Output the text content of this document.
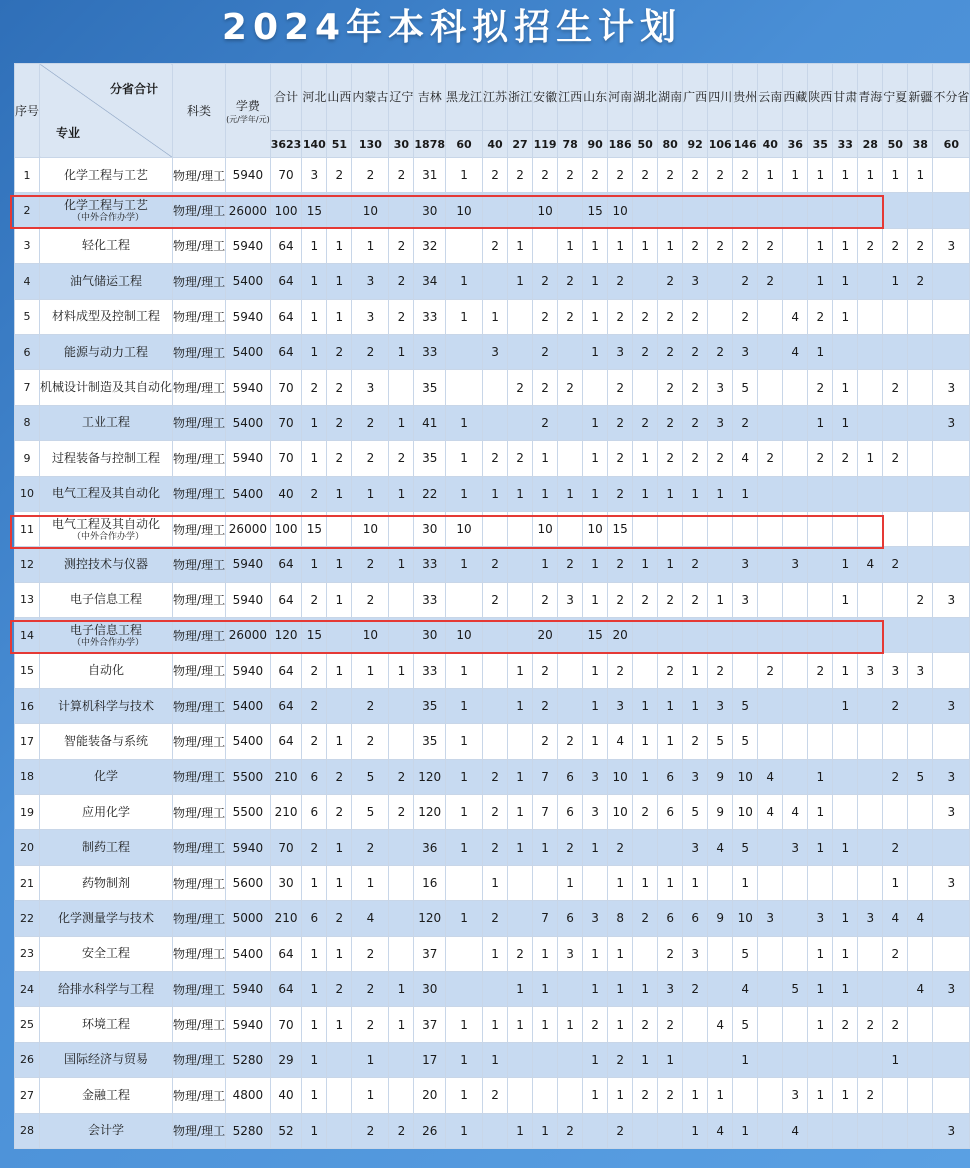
2024年本科拟招生计划
序号	分省合计
专业	科类	学费
(元/学年/元)	合计	河北	山西	内蒙古	辽宁	吉林	黑龙江	江苏	浙江	安徽	江西	山东	河南	湖北	湖南	广西	四川	贵州	云南	西藏	陕西	甘肃	青海	宁夏	新疆	不分省
				3623	140	51	130	30	1878	60	40	27	119	78	90	186	50	80	92	106	146	40	36	35	33	28	50	38	60
1	化学工程与工艺	物理/理工	5940	70	3	2	2	2	31	1	2	2	2	2	2	2	2	2	2	2	2	1	1	1	1	1	1	1	
2	化学工程与工艺
（中外合作办学）	物理/理工	26000	100	15		10		30	10			10		15	10													
3	轻化工程	物理/理工	5940	64	1	1	1	2	32		2	1		1	1	1	1	1	2	2	2	2		1	1	2	2	2	3
4	油气储运工程	物理/理工	5400	64	1	1	3	2	34	1		1	2	2	1	2		2	3		2	2		1	1		1	2	
5	材料成型及控制工程	物理/理工	5940	64	1	1	3	2	33	1	1		2	2	1	2	2	2	2		2		4	2	1				
6	能源与动力工程	物理/理工	5400	64	1	2	2	1	33		3		2		1	3	2	2	2	2	3		4	1					
7	机械设计制造及其自动化	物理/理工	5940	70	2	2	3		35			2	2	2		2		2	2	3	5			2	1		2		3
8	工业工程	物理/理工	5400	70	1	2	2	1	41	1			2		1	2	2	2	2	3	2			1	1				3
9	过程装备与控制工程	物理/理工	5940	70	1	2	2	2	35	1	2	2	1		1	2	1	2	2	2	4	2		2	2	1	2		
10	电气工程及其自动化	物理/理工	5400	40	2	1	1	1	22	1	1	1	1	1	1	2	1	1	1	1	1								
11	电气工程及其自动化
（中外合作办学）	物理/理工	26000	100	15		10		30	10			10		10	15													
12	测控技术与仪器	物理/理工	5940	64	1	1	2	1	33	1	2		1	2	1	2	1	1	2		3		3		1	4	2		
13	电子信息工程	物理/理工	5940	64	2	1	2		33		2		2	3	1	2	2	2	2	1	3				1			2	3
14	电子信息工程
（中外合作办学）	物理/理工	26000	120	15		10		30	10			20		15	20													
15	自动化	物理/理工	5940	64	2	1	1	1	33	1		1	2		1	2		2	1	2		2		2	1	3	3	3	
16	计算机科学与技术	物理/理工	5400	64	2		2		35	1		1	2		1	3	1	1	1	3	5				1		2		3
17	智能装备与系统	物理/理工	5400	64	2	1	2		35	1			2	2	1	4	1	1	2	5	5								
18	化学	物理/理工	5500	210	6	2	5	2	120	1	2	1	7	6	3	10	1	6	3	9	10	4		1			2	5	3
19	应用化学	物理/理工	5500	210	6	2	5	2	120	1	2	1	7	6	3	10	2	6	5	9	10	4	4	1					3
20	制药工程	物理/理工	5940	70	2	1	2		36	1	2	1	1	2	1	2			3	4	5		3	1	1		2		
21	药物制剂	物理/理工	5600	30	1	1	1		16		1			1		1	1	1	1		1						1		3
22	化学测量学与技术	物理/理工	5000	210	6	2	4		120	1	2		7	6	3	8	2	6	6	9	10	3		3	1	3	4	4	
23	安全工程	物理/理工	5400	64	1	1	2		37		1	2	1	3	1	1		2	3		5			1	1		2		
24	给排水科学与工程	物理/理工	5940	64	1	2	2	1	30			1	1		1	1	1	3	2		4		5	1	1			4	3
25	环境工程	物理/理工	5940	70	1	1	2	1	37	1	1	1	1	1	2	1	2	2		4	5			1	2	2	2		
26	国际经济与贸易	物理/理工	5280	29	1		1		17	1	1				1	2	1	1			1						1		
27	金融工程	物理/理工	4800	40	1		1		20	1	2				1	1	2	2	1	1			3	1	1	2			
28	会计学	物理/理工	5280	52	1		2	2	26	1		1	1	2		2			1	4	1		4						3
